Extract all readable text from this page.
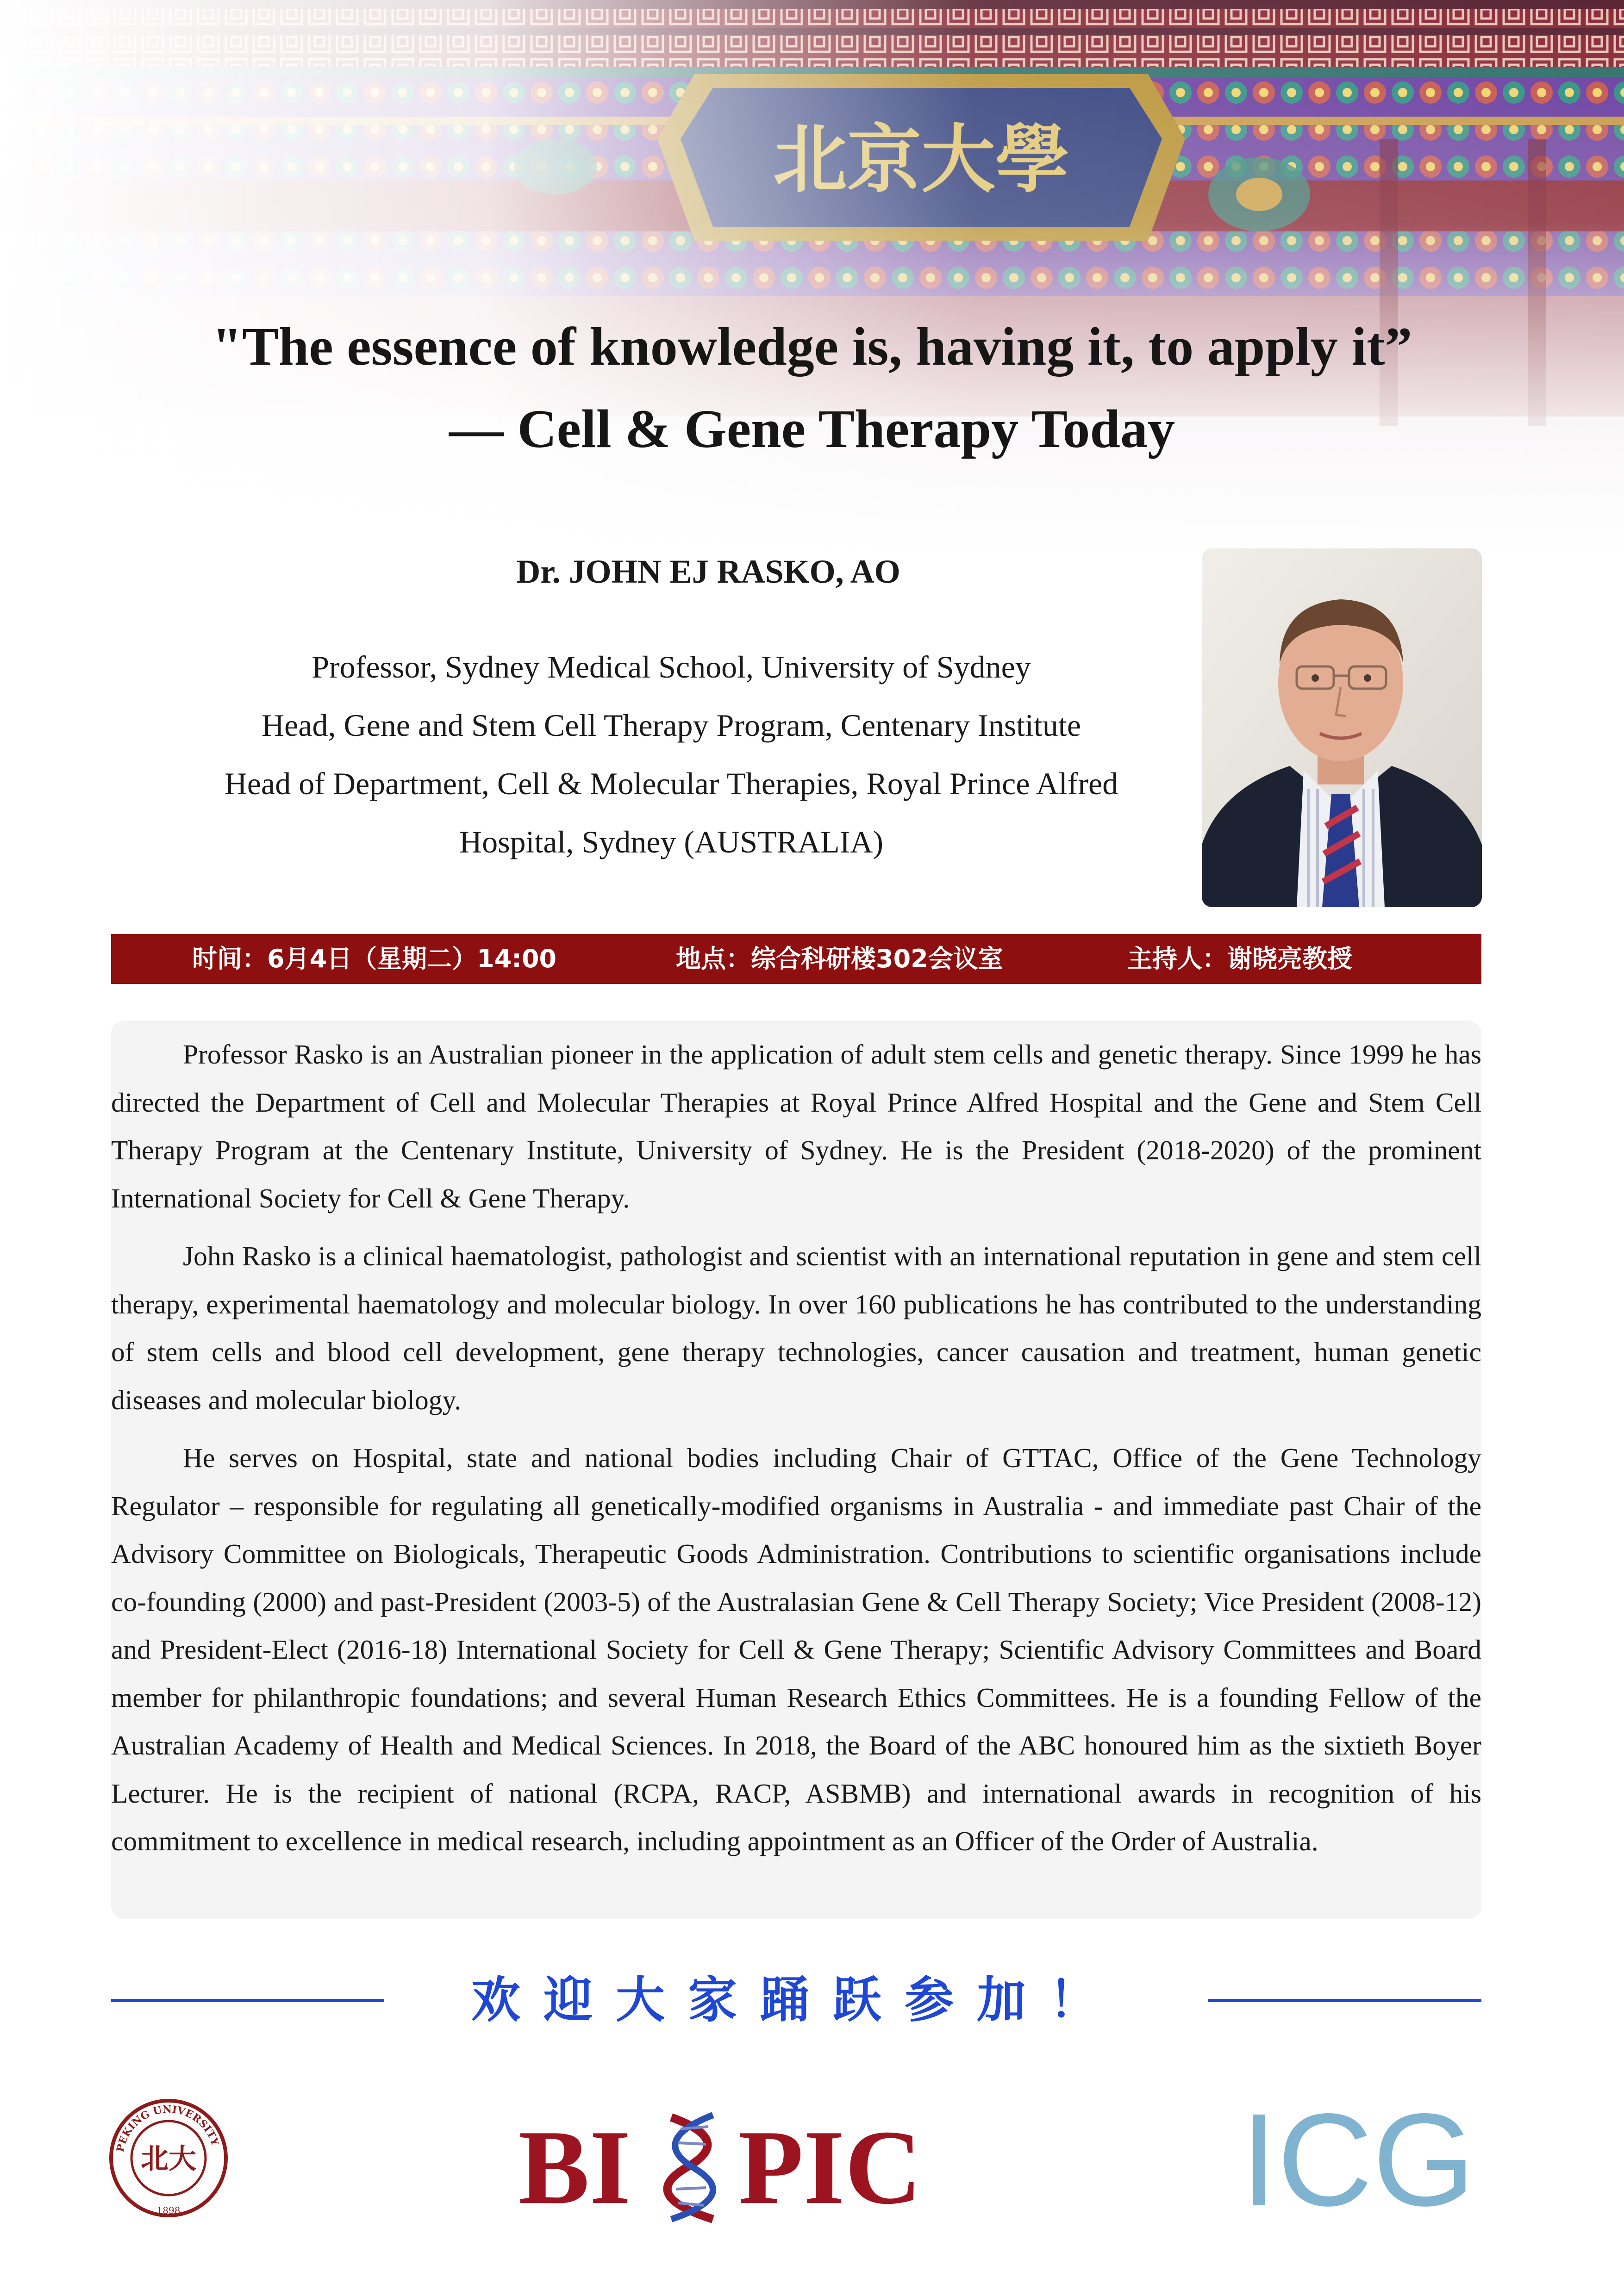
"The essence of knowledge is, having it, to apply it”
— Cell & Gene Therapy Today
Dr. JOHN EJ RASKO, AO
Professor, Sydney Medical School, University of Sydney
Head, Gene and Stem Cell Therapy Program, Centenary Institute
Head of Department, Cell & Molecular Therapies, Royal Prince Alfred
Hospital, Sydney (AUSTRALIA)
时间：6月4日（星期二）14:00	地点：综合科研楼302会议室	主持人：谢晓亮教授

Professor Rasko is an Australian pioneer in the application of adult stem cells and genetic therapy. Since 1999 he has directed the Department of Cell and Molecular Therapies at Royal Prince Alfred Hospital and the Gene and Stem Cell Therapy Program at the Centenary Institute, University of Sydney. He is the President (2018-2020) of the prominent International Society for Cell & Gene Therapy.

John Rasko is a clinical haematologist, pathologist and scientist with an international reputation in gene and stem cell therapy, experimental haematology and molecular biology. In over 160 publications he has contributed to the understanding of stem cells and blood cell development, gene therapy technologies, cancer causation and treatment, human genetic diseases and molecular biology.

He serves on Hospital, state and national bodies including Chair of GTTAC, Office of the Gene Technology Regulator – responsible for regulating all genetically-modified organisms in Australia - and immediate past Chair of the Advisory Committee on Biologicals, Therapeutic Goods Administration. Contributions to scientific organisations include co-founding (2000) and past-President (2003-5) of the Australasian Gene & Cell Therapy Society; Vice President (2008-12) and President-Elect (2016-18) International Society for Cell & Gene Therapy; Scientific Advisory Committees and Board member for philanthropic foundations; and several Human Research Ethics Committees. He is a founding Fellow of the Australian Academy of Health and Medical Sciences. In 2018, the Board of the ABC honoured him as the sixtieth Boyer Lecturer. He is the recipient of national (RCPA, RACP, ASBMB) and international awards in recognition of his commitment to excellence in medical research, including appointment as an Officer of the Order of Australia.

欢迎大家踊跃参加！
PEKING UNIVERSITY
1898
北大	BI PIC ICG
